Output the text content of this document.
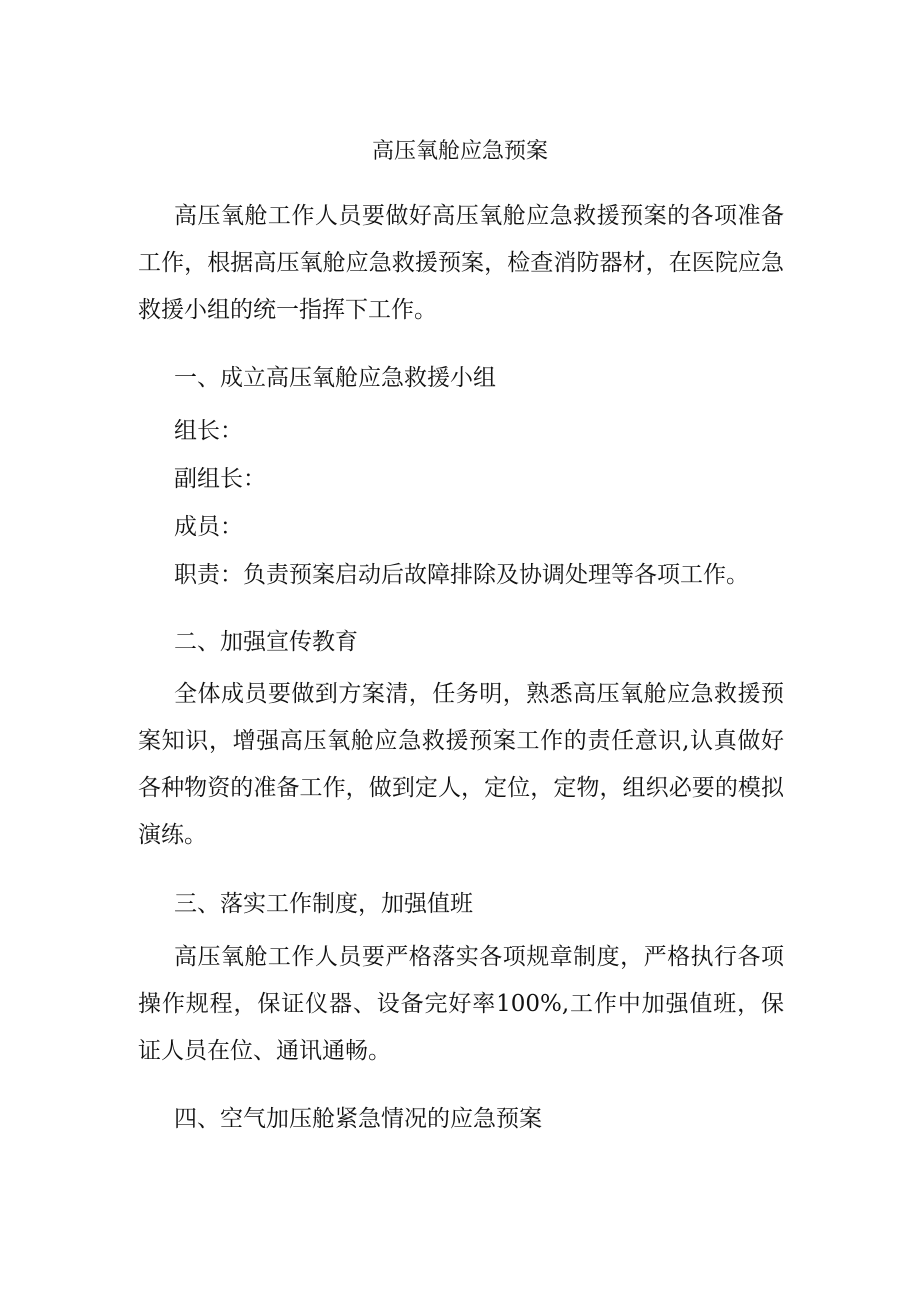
高压氧舱应急预案

高压氧舱工作人员要做好高压氧舱应急救援预案的各项准备工作，根据高压氧舱应急救援预案，检查消防器材，在医院应急救援小组的统一指挥下工作。

一、成立高压氧舱应急救援小组

组长：

副组长：

成员：

职责：负责预案启动后故障排除及协调处理等各项工作。

二、加强宣传教育

全体成员要做到方案清，任务明，熟悉高压氧舱应急救援预案知识，增强高压氧舱应急救援预案工作的责任意识,认真做好各种物资的准备工作，做到定人，定位，定物，组织必要的模拟演练。

三、落实工作制度，加强值班

高压氧舱工作人员要严格落实各项规章制度，严格执行各项操作规程，保证仪器、设备完好率100%,工作中加强值班，保证人员在位、通讯通畅。

四、空气加压舱紧急情况的应急预案
